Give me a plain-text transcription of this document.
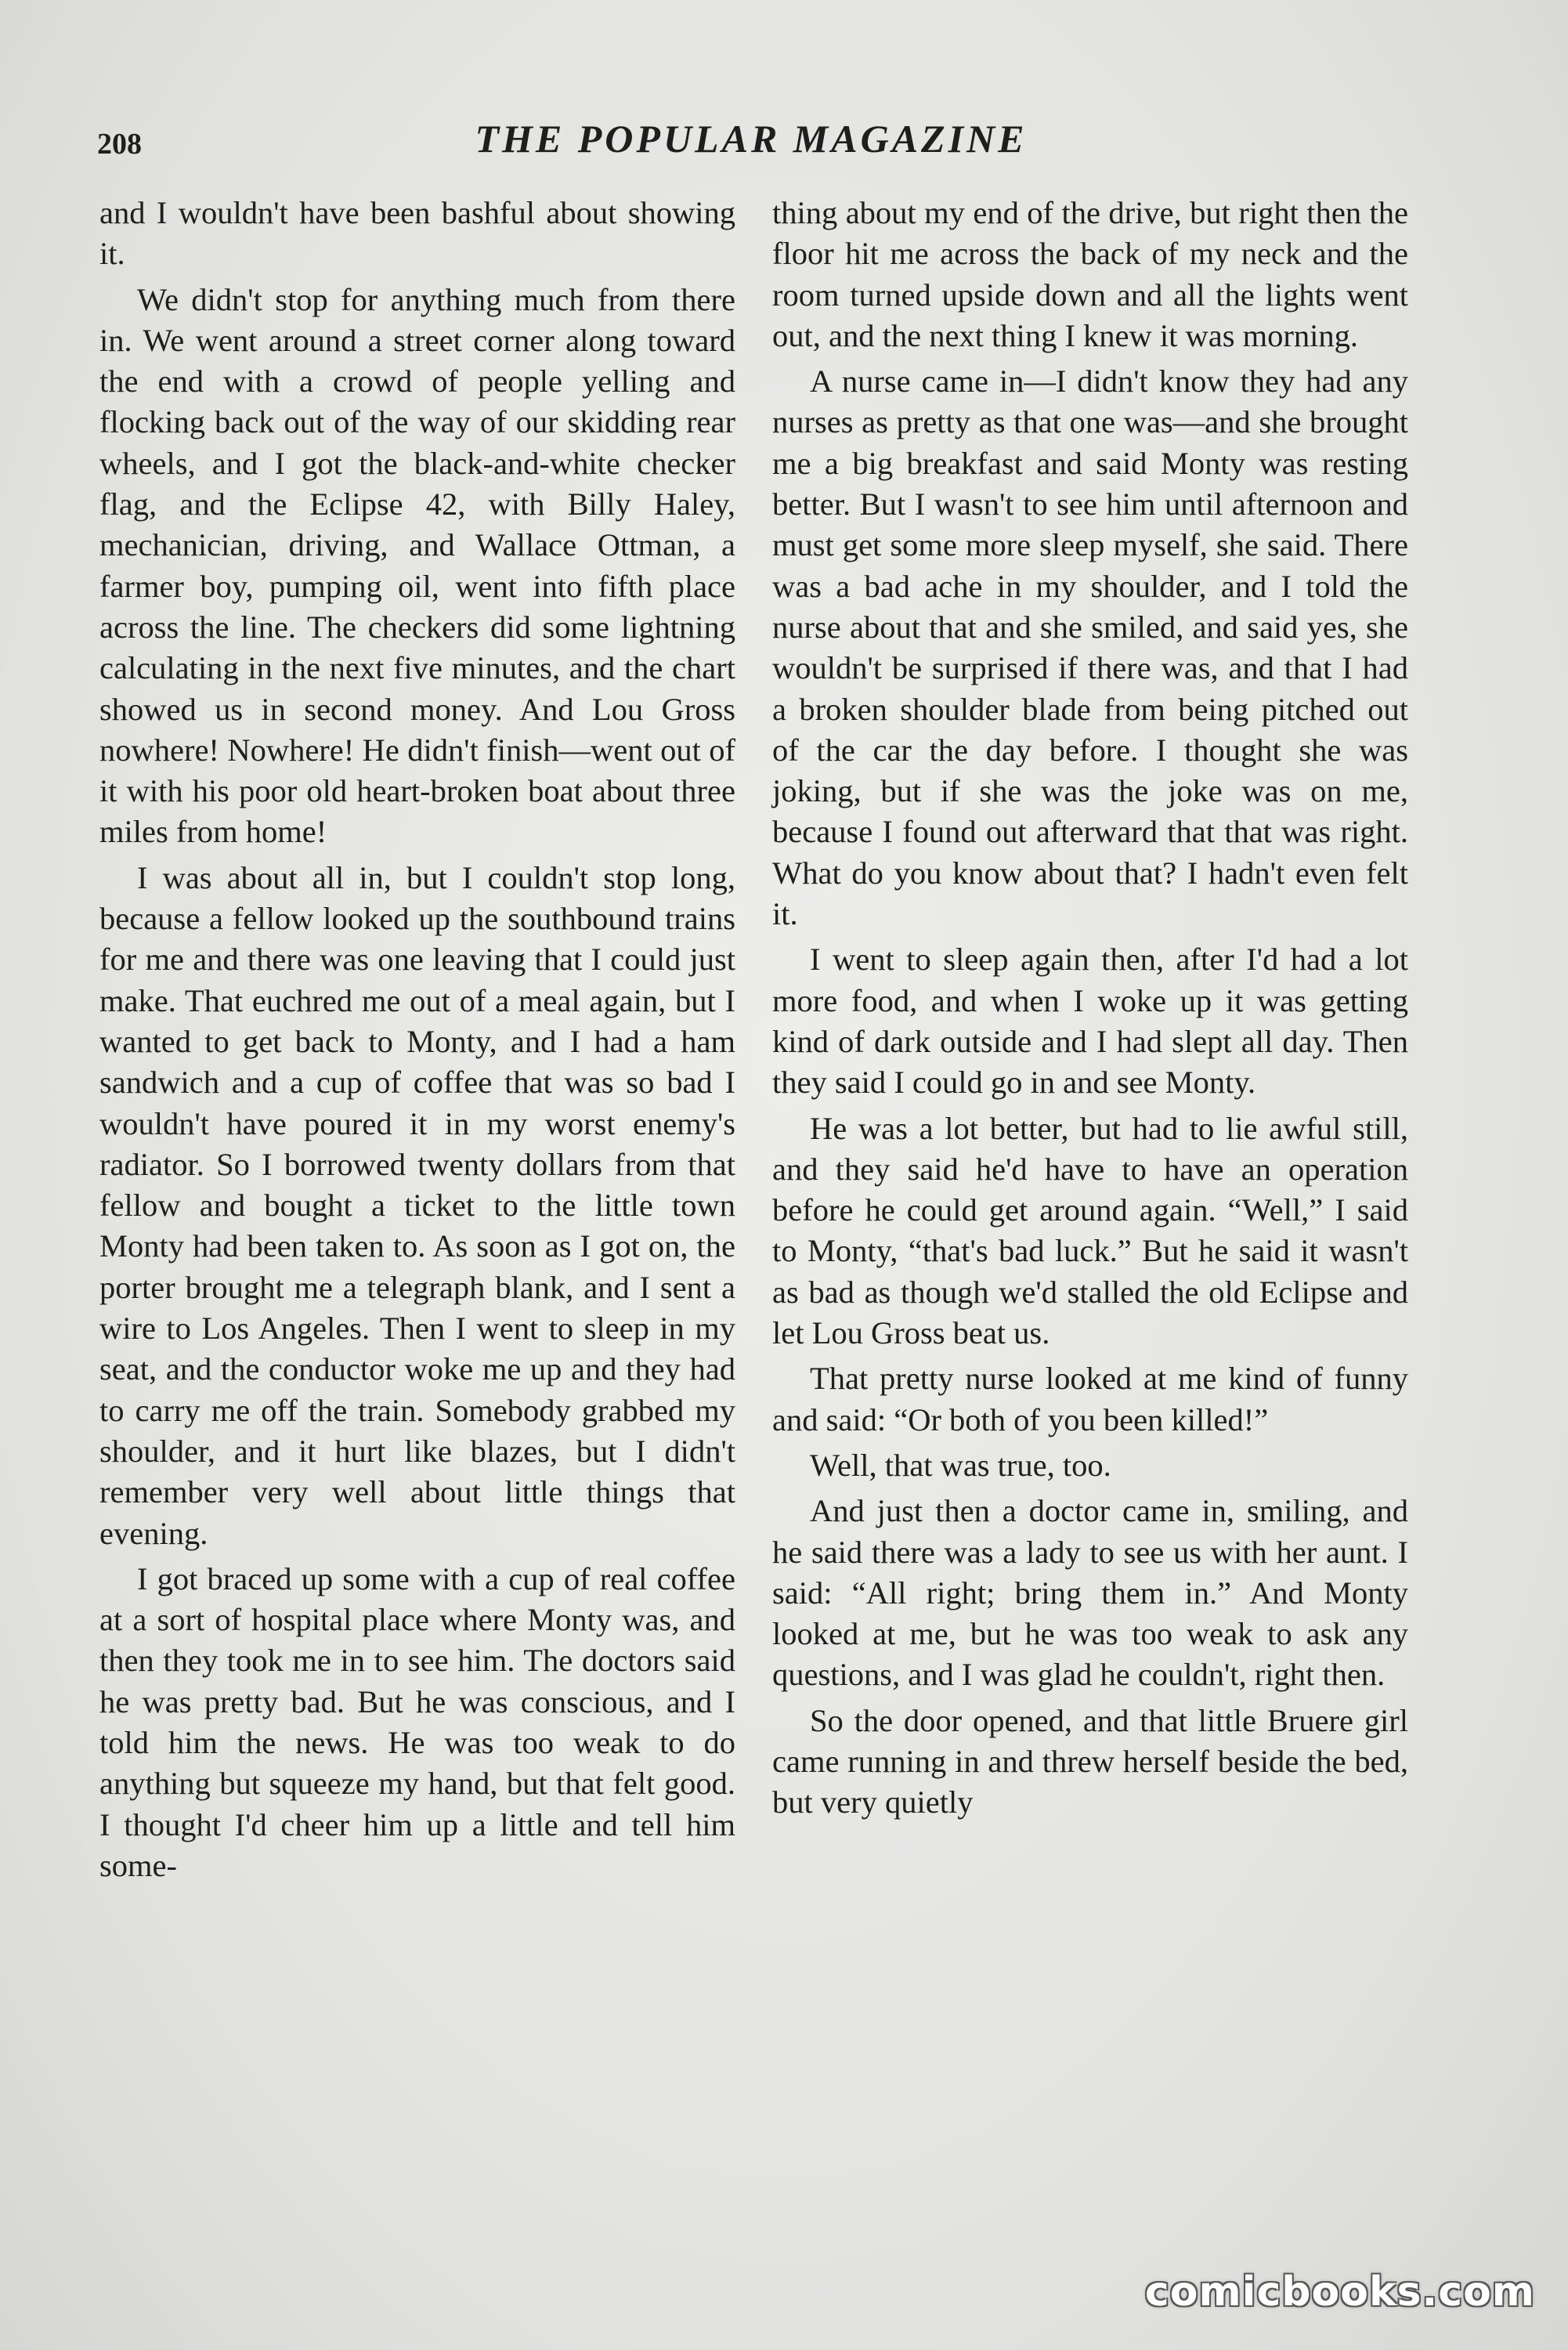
208	THE POPULAR MAGAZINE

and I wouldn't have been bashful about showing it.

We didn't stop for anything much from there in. We went around a street corner along toward the end with a crowd of people yelling and flocking back out of the way of our skidding rear wheels, and I got the black-and-white checker flag, and the Eclipse 42, with Billy Haley, mechanician, driving, and Wallace Ottman, a farmer boy, pumping oil, went into fifth place across the line. The checkers did some lightning calculating in the next five minutes, and the chart showed us in second money. And Lou Gross nowhere! Nowhere! He didn't finish—went out of it with his poor old heart-broken boat about three miles from home!

I was about all in, but I couldn't stop long, because a fellow looked up the southbound trains for me and there was one leaving that I could just make. That euchred me out of a meal again, but I wanted to get back to Monty, and I had a ham sandwich and a cup of coffee that was so bad I wouldn't have poured it in my worst enemy's radiator. So I borrowed twenty dollars from that fellow and bought a ticket to the little town Monty had been taken to. As soon as I got on, the porter brought me a telegraph blank, and I sent a wire to Los Angeles. Then I went to sleep in my seat, and the conductor woke me up and they had to carry me off the train. Somebody grabbed my shoulder, and it hurt like blazes, but I didn't remember very well about little things that evening.

I got braced up some with a cup of real coffee at a sort of hospital place where Monty was, and then they took me in to see him. The doctors said he was pretty bad. But he was conscious, and I told him the news. He was too weak to do anything but squeeze my hand, but that felt good. I thought I'd cheer him up a little and tell him some-

thing about my end of the drive, but right then the floor hit me across the back of my neck and the room turned upside down and all the lights went out, and the next thing I knew it was morning.

A nurse came in—I didn't know they had any nurses as pretty as that one was—and she brought me a big breakfast and said Monty was resting better. But I wasn't to see him until afternoon and must get some more sleep myself, she said. There was a bad ache in my shoulder, and I told the nurse about that and she smiled, and said yes, she wouldn't be surprised if there was, and that I had a broken shoulder blade from being pitched out of the car the day before. I thought she was joking, but if she was the joke was on me, because I found out afterward that that was right. What do you know about that? I hadn't even felt it.

I went to sleep again then, after I'd had a lot more food, and when I woke up it was getting kind of dark outside and I had slept all day. Then they said I could go in and see Monty.

He was a lot better, but had to lie awful still, and they said he'd have to have an operation before he could get around again. “Well,” I said to Monty, “that's bad luck.” But he said it wasn't as bad as though we'd stalled the old Eclipse and let Lou Gross beat us.

That pretty nurse looked at me kind of funny and said: “Or both of you been killed!”

Well, that was true, too.

And just then a doctor came in, smiling, and he said there was a lady to see us with her aunt. I said: “All right; bring them in.” And Monty looked at me, but he was too weak to ask any questions, and I was glad he couldn't, right then.

So the door opened, and that little Bruere girl came running in and threw herself beside the bed, but very quietly

comicbooks.com
